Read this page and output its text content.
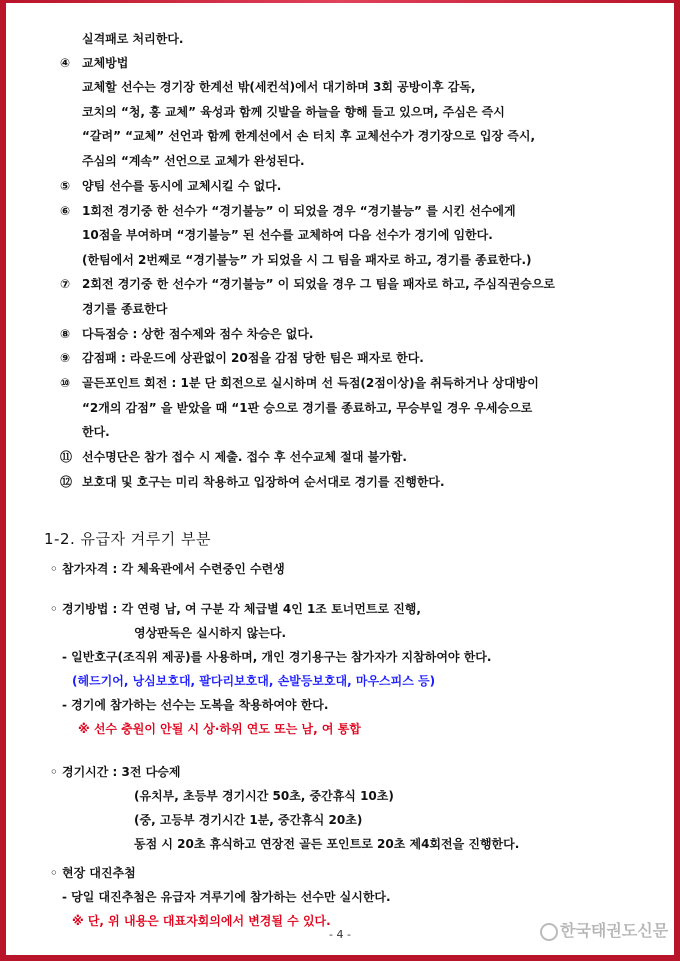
실격패로 처리한다.
④ 교체방법
교체할 선수는 경기장 한계선 밖(세컨석)에서 대기하며 3회 공방이후 감독,
코치의 “청, 홍 교체” 육성과 함께 깃발을 하늘을 향해 들고 있으며, 주심은 즉시
“갈려” “교체” 선언과 함께 한계선에서 손 터치 후 교체선수가 경기장으로 입장 즉시,
주심의 “계속” 선언으로 교체가 완성된다.
⑤ 양팀 선수를 동시에 교체시킬 수 없다.
⑥ 1회전 경기중 한 선수가 “경기불능” 이 되었을 경우 “경기불능” 를 시킨 선수에게
10점을 부여하며 “경기불능” 된 선수를 교체하여 다음 선수가 경기에 임한다.
(한팀에서 2번째로 “경기불능” 가 되었을 시 그 팀을 패자로 하고, 경기를 종료한다.)
⑦ 2회전 경기중 한 선수가 “경기불능” 이 되었을 경우 그 팀을 패자로 하고, 주심직권승으로
경기를 종료한다
⑧ 다득점승 : 상한 점수제와 점수 차승은 없다.
⑨ 감점패 : 라운드에 상관없이 20점을 감점 당한 팀은 패자로 한다.
⑩ 골든포인트 회전 : 1분 단 회전으로 실시하며 선 득점(2점이상)을 취득하거나 상대방이
“2개의 감점” 을 받았을 때 “1판 승으로 경기를 종료하고, 무승부일 경우 우세승으로
한다.
⑪ 선수명단은 참가 접수 시 제출. 접수 후 선수교체 절대 불가함.
⑫ 보호대 및 호구는 미리 착용하고 입장하여 순서대로 경기를 진행한다.
1-2. 유급자 겨루기 부분
◦ 참가자격 : 각 체육관에서 수련중인 수련생
◦ 경기방법 : 각 연령 남, 여 구분 각 체급별 4인 1조 토너먼트로 진행,
영상판독은 실시하지 않는다.
- 일반호구(조직위 제공)를 사용하며, 개인 경기용구는 참가자가 지참하여야 한다.
(헤드기어, 낭심보호대, 팔다리보호대, 손발등보호대, 마우스피스 등)
- 경기에 참가하는 선수는 도복을 착용하여야 한다.
※ 선수 충원이 안될 시 상·하위 연도 또는 남, 여 통합
◦ 경기시간 : 3전 다승제
(유치부, 초등부 경기시간 50초, 중간휴식 10초)
(중, 고등부 경기시간 1분, 중간휴식 20초)
동점 시 20초 휴식하고 연장전 골든 포인트로 20초 제4회전을 진행한다.
◦ 현장 대진추첨
- 당일 대진추첨은 유급자 겨루기에 참가하는 선수만 실시한다.
※ 단, 위 내용은 대표자회의에서 변경될 수 있다.
- 4 -	한국태권도신문
